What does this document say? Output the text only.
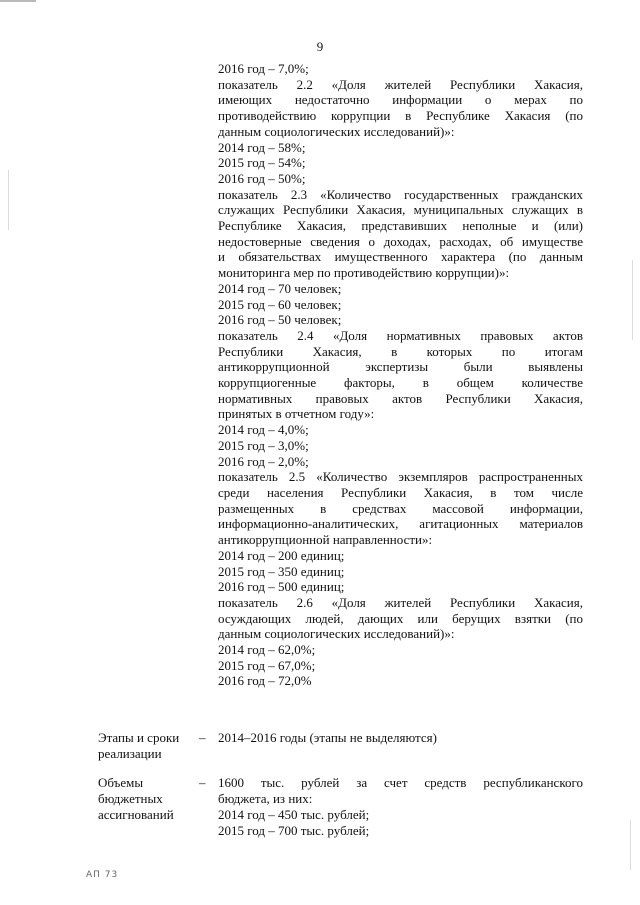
9
2016 год – 7,0%;
показатель 2.2 «Доля жителей Республики Хакасия,
имеющих недостаточно информации о мерах по
противодействию коррупции в Республике Хакасия (по
данным социологических исследований)»:
2014 год – 58%;
2015 год – 54%;
2016 год – 50%;
показатель 2.3 «Количество государственных гражданских
служащих Республики Хакасия, муниципальных служащих в
Республике Хакасия, представивших неполные и (или)
недостоверные сведения о доходах, расходах, об имуществе
и обязательствах имущественного характера (по данным
мониторинга мер по противодействию коррупции)»:
2014 год – 70 человек;
2015 год – 60 человек;
2016 год – 50 человек;
показатель 2.4 «Доля нормативных правовых актов
Республики Хакасия, в которых по итогам
антикоррупционной экспертизы были выявлены
коррупциогенные факторы, в общем количестве
нормативных правовых актов Республики Хакасия,
принятых в отчетном году»:
2014 год – 4,0%;
2015 год – 3,0%;
2016 год – 2,0%;
показатель 2.5 «Количество экземпляров распространенных
среди населения Республики Хакасия, в том числе
размещенных в средствах массовой информации,
информационно-аналитических, агитационных материалов
антикоррупционной направленности»:
2014 год – 200 единиц;
2015 год – 350 единиц;
2016 год – 500 единиц;
показатель 2.6 «Доля жителей Республики Хакасия,
осуждающих людей, дающих или берущих взятки (по
данным социологических исследований)»:
2014 год – 62,0%;
2015 год – 67,0%;
2016 год – 72,0%
Этапы и сроки
реализации
– 2014–2016 годы (этапы не выделяются)
Объемы
бюджетных
ассигнований
– 1600 тыс. рублей за счет средств республиканского
бюджета, из них:
2014 год – 450 тыс. рублей;
2015 год – 700 тыс. рублей;
АП 73
